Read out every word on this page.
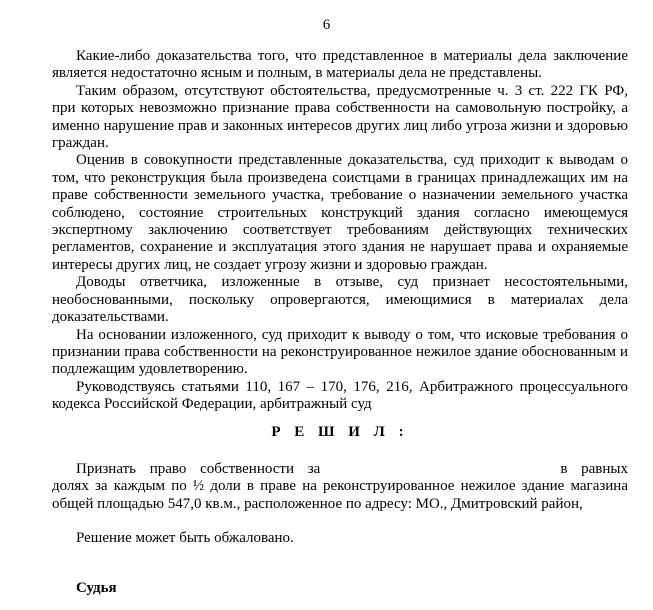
6

Какие-либо доказательства того, что представленное в материалы дела заключение является недостаточно ясным и полным, в материалы дела не представлены.

Таким образом, отсутствуют обстоятельства, предусмотренные ч. 3 ст. 222 ГК РФ, при которых невозможно признание права собственности на самовольную постройку, а именно нарушение прав и законных интересов других лиц либо угроза жизни и здоровью граждан.

Оценив в совокупности представленные доказательства, суд приходит к выводам о том, что реконструкция была произведена соистцами в границах принадлежащих им на праве собственности земельного участка, требование о назначении земельного участка соблюдено, состояние строительных конструкций здания согласно имеющемуся экспертному заключению соответствует требованиям действующих технических регламентов, сохранение и эксплуатация этого здания не нарушает права и охраняемые интересы других лиц, не создает угрозу жизни и здоровью граждан.

Доводы ответчика, изложенные в отзыве, суд признает несостоятельными, необоснованными, поскольку опровергаются, имеющимися в материалах дела доказательствами.

На основании изложенного, суд приходит к выводу о том, что исковые требования о признании права собственности на реконструированное нежилое здание обоснованным и подлежащим удовлетворению.

Руководствуясь статьями 110, 167 – 170, 176, 216, Арбитражного процессуального кодекса Российской Федерации, арбитражный суд

Р Е Ш И Л :

Признать право собственности за	в равных долях за каждым по ½ доли в праве на реконструированное нежилое здание магазина общей площадью 547,0 кв.м., расположенное по адресу: МО., Дмитровский район,

Решение может быть обжаловано.

Судья
